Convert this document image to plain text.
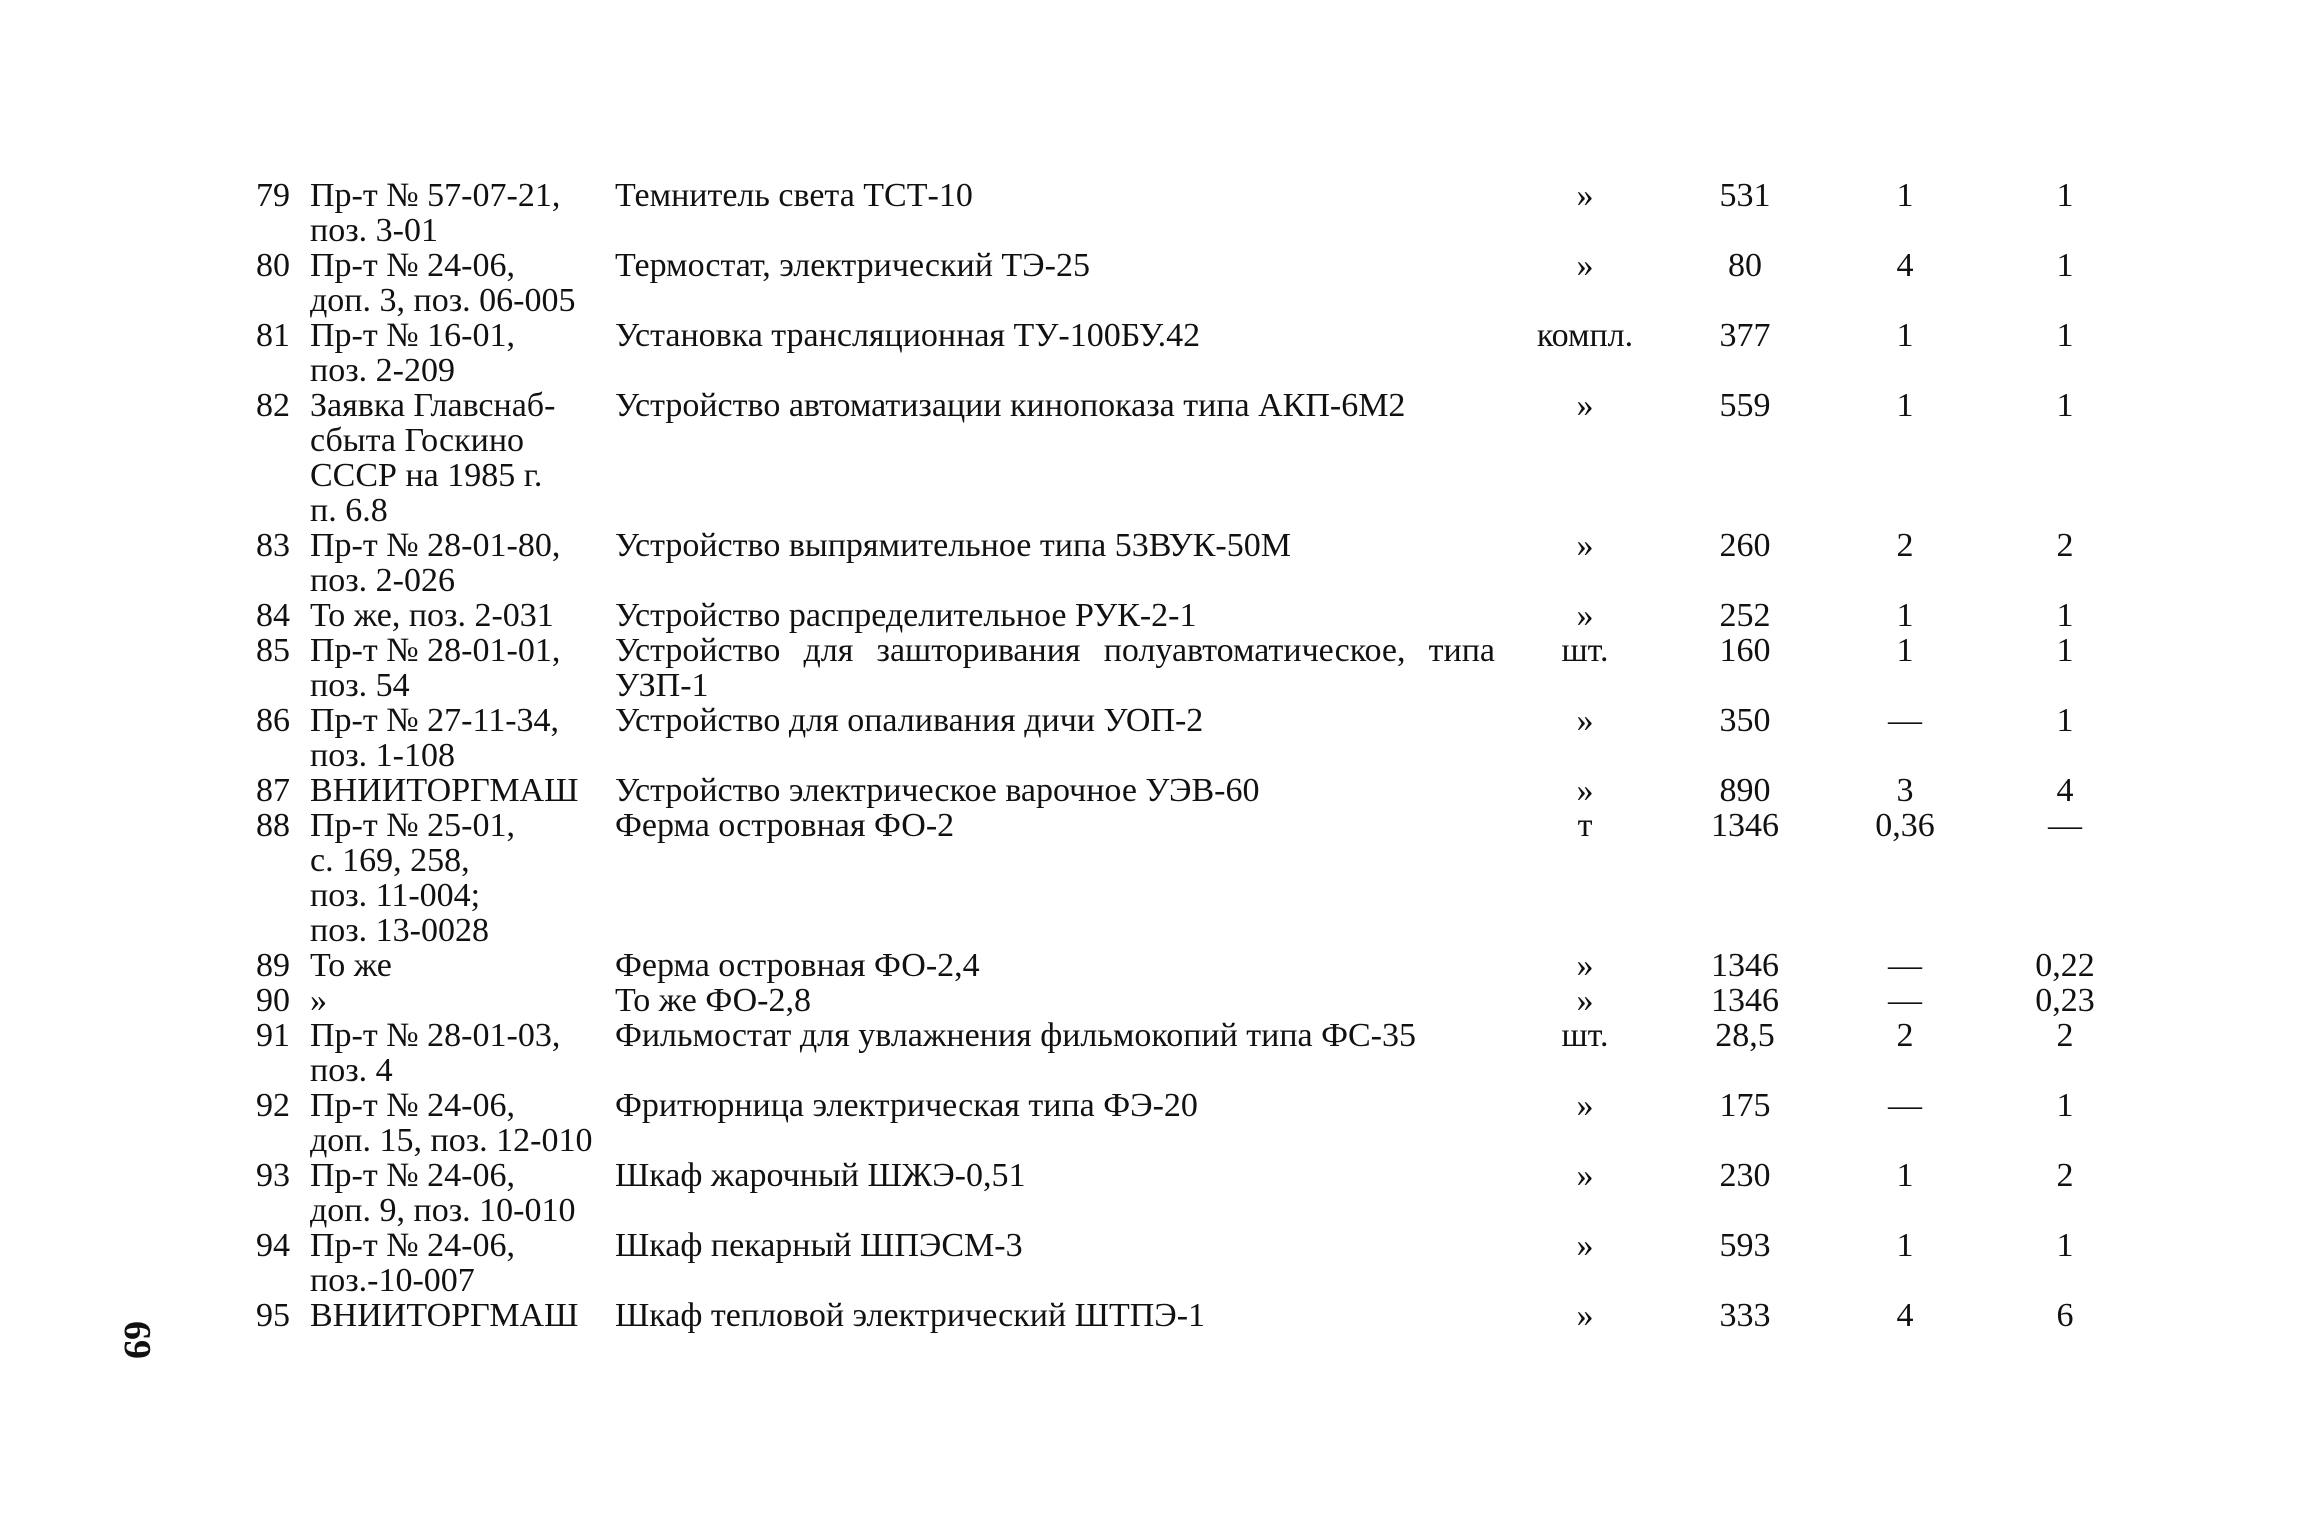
69
79	Пр-т № 57-07-21,
поз. 3-01	Темнитель света ТСТ-10	»	531	1	1
80	Пр-т № 24-06,
доп. 3, поз. 06-005	Термостат, электрический ТЭ-25	»	80	4	1
81	Пр-т № 16-01,
поз. 2-209	Установка трансляционная ТУ-100БУ.42	компл.	377	1	1
82	Заявка Главснаб-
сбыта Госкино
СССР на 1985 г.
п. 6.8	Устройство автоматизации кинопоказа типа АКП-6М2	»	559	1	1
83	Пр-т № 28-01-80,
поз. 2-026	Устройство выпрямительное типа 53ВУК-50М	»	260	2	2
84	То же, поз. 2-031	Устройство распределительное РУК-2-1	»	252	1	1
85	Пр-т № 28-01-01,
поз. 54	Устройство для зашторивания полуавтоматическое, типа УЗП-1	шт.	160	1	1
86	Пр-т № 27-11-34,
поз. 1-108	Устройство для опаливания дичи УОП-2	»	350	—	1
87	ВНИИТОРГМАШ	Устройство электрическое варочное УЭВ-60	»	890	3	4
88	Пр-т № 25-01,
с. 169, 258,
поз. 11-004;
поз. 13-0028	Ферма островная ФО-2	т	1346	0,36	—
89	То же	Ферма островная ФО-2,4	»	1346	—	0,22
90	»	То же ФО-2,8	»	1346	—	0,23
91	Пр-т № 28-01-03,
поз. 4	Фильмостат для увлажнения фильмокопий типа ФС-35	шт.	28,5	2	2
92	Пр-т № 24-06,
доп. 15, поз. 12-010	Фритюрница электрическая типа ФЭ-20	»	175	—	1
93	Пр-т № 24-06,
доп. 9, поз. 10-010	Шкаф жарочный ШЖЭ-0,51	»	230	1	2
94	Пр-т № 24-06,
поз.-10-007	Шкаф пекарный ШПЭСМ-3	»	593	1	1
95	ВНИИТОРГМАШ	Шкаф тепловой электрический ШТПЭ-1	»	333	4	6
